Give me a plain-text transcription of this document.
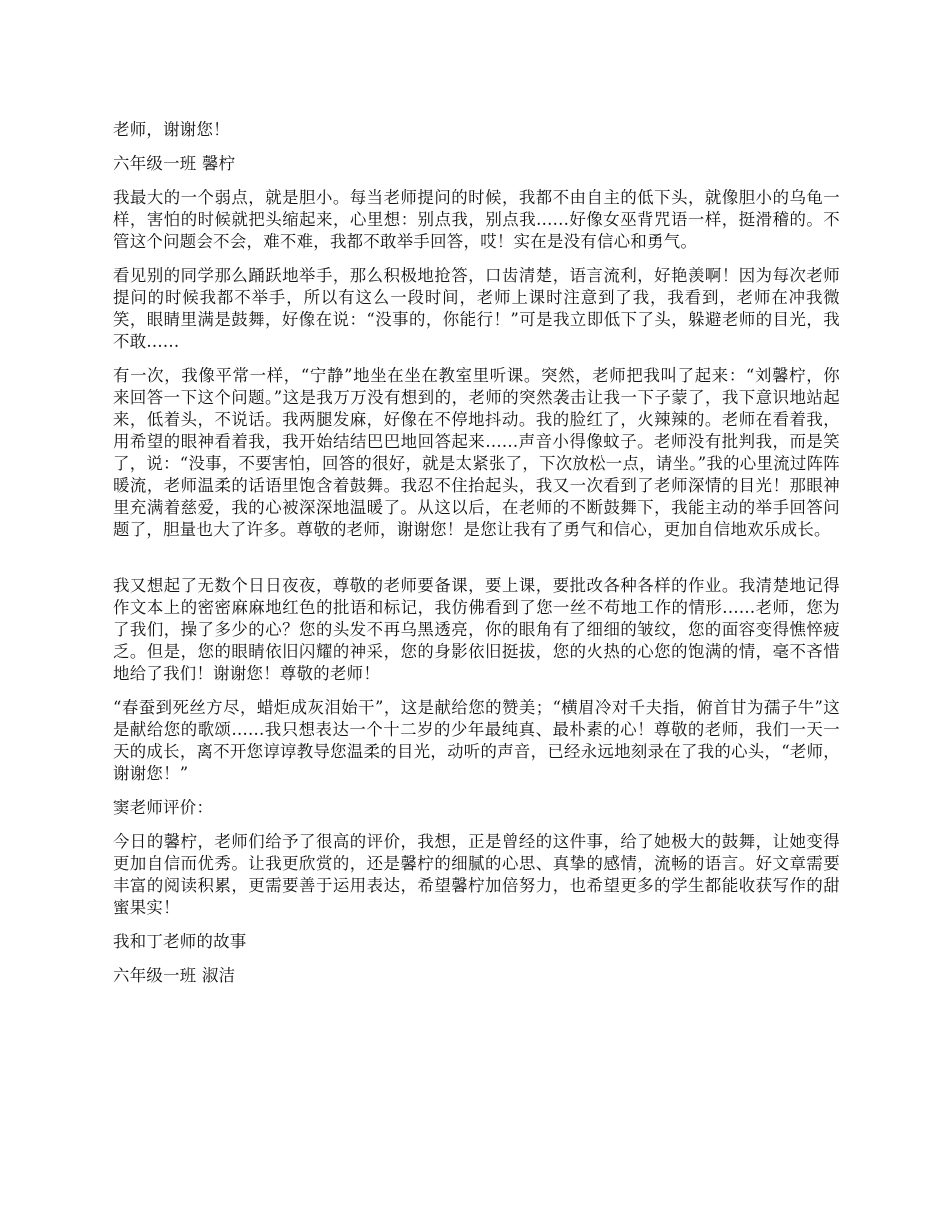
老师，谢谢您！

六年级一班 馨柠

我最大的一个弱点，就是胆小。每当老师提问的时候，我都不由自主的低下头，就像胆小的乌龟一样，害怕的时候就把头缩起来，心里想：别点我，别点我......好像女巫背咒语一样，挺滑稽的。不管这个问题会不会，难不难，我都不敢举手回答，哎！实在是没有信心和勇气。

看见别的同学那么踊跃地举手，那么积极地抢答，口齿清楚，语言流利，好艳羡啊！因为每次老师提问的时候我都不举手，所以有这么一段时间，老师上课时注意到了我，我看到，老师在冲我微笑，眼睛里满是鼓舞，好像在说：“没事的，你能行！”可是我立即低下了头，躲避老师的目光，我不敢......

有一次，我像平常一样，“宁静”地坐在坐在教室里听课。突然，老师把我叫了起来：“刘馨柠，你来回答一下这个问题。”这是我万万没有想到的，老师的突然袭击让我一下子蒙了，我下意识地站起来，低着头，不说话。我两腿发麻，好像在不停地抖动。我的脸红了，火辣辣的。老师在看着我，用希望的眼神看着我，我开始结结巴巴地回答起来......声音小得像蚊子。老师没有批判我，而是笑了，说：“没事，不要害怕，回答的很好，就是太紧张了，下次放松一点，请坐。”我的心里流过阵阵暖流，老师温柔的话语里饱含着鼓舞。我忍不住抬起头，我又一次看到了老师深情的目光！那眼神里充满着慈爱，我的心被深深地温暖了。从这以后，在老师的不断鼓舞下，我能主动的举手回答问题了，胆量也大了许多。尊敬的老师，谢谢您！是您让我有了勇气和信心，更加自信地欢乐成长。

我又想起了无数个日日夜夜，尊敬的老师要备课，要上课，要批改各种各样的作业。我清楚地记得作文本上的密密麻麻地红色的批语和标记，我仿佛看到了您一丝不苟地工作的情形......老师，您为了我们，操了多少的心？您的头发不再乌黑透亮，你的眼角有了细细的皱纹，您的面容变得憔悴疲乏。但是，您的眼睛依旧闪耀的神采，您的身影依旧挺拔，您的火热的心您的饱满的情，毫不吝惜地给了我们！谢谢您！尊敬的老师！

“春蚕到死丝方尽，蜡炬成灰泪始干”，这是献给您的赞美；“横眉冷对千夫指，俯首甘为孺子牛”这是献给您的歌颂......我只想表达一个十二岁的少年最纯真、最朴素的心！尊敬的老师，我们一天一天的成长，离不开您谆谆教导您温柔的目光，动听的声音，已经永远地刻录在了我的心头，“老师，谢谢您！”

窦老师评价：

今日的馨柠，老师们给予了很高的评价，我想，正是曾经的这件事，给了她极大的鼓舞，让她变得更加自信而优秀。让我更欣赏的，还是馨柠的细腻的心思、真挚的感情，流畅的语言。好文章需要丰富的阅读积累，更需要善于运用表达，希望馨柠加倍努力，也希望更多的学生都能收获写作的甜蜜果实！

我和丁老师的故事

六年级一班 淑洁
